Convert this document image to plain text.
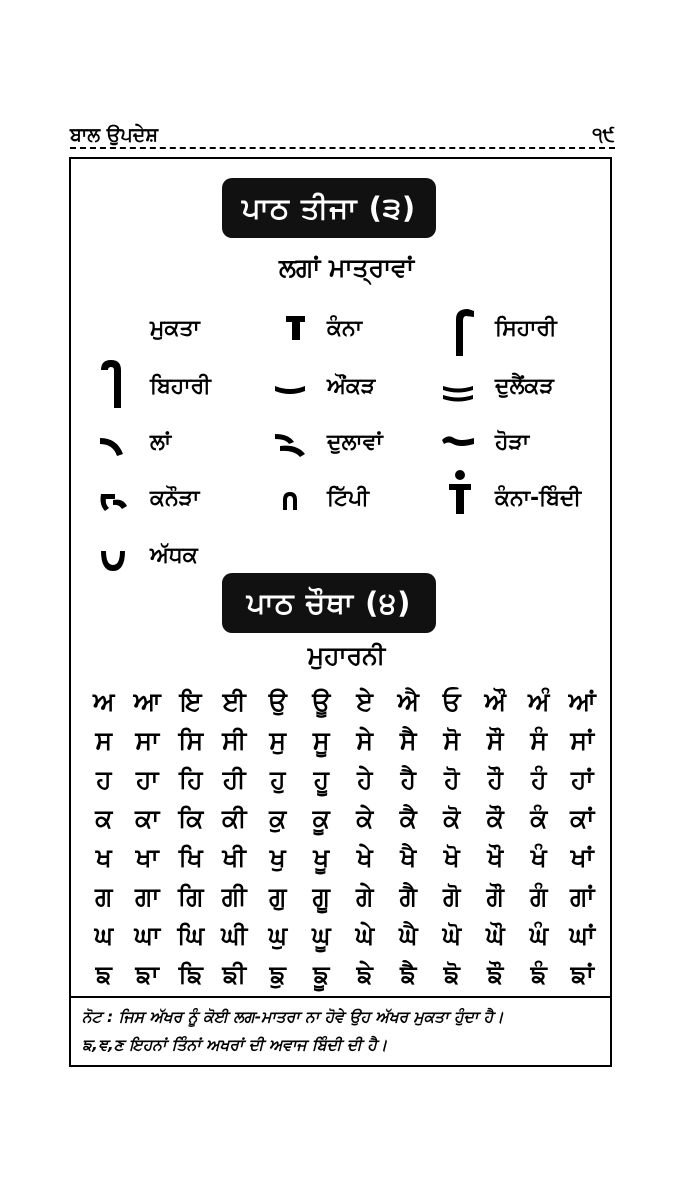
ਬਾਲ ਉਪਦੇਸ਼	੧੯
ਪਾਠ ਤੀਜਾ (੩)
ਲਗਾਂ ਮਾਤ੍ਰਾਵਾਂ
ਮੁਕਤਾ	ਕੰਨਾ	ਸਿਹਾਰੀ
ਬਿਹਾਰੀ	ਔਂਕੜ	ਦੁਲੈਂਕੜ
ਲਾਂ	ਦੁਲਾਵਾਂ	ਹੋੜਾ
ਕਨੌੜਾ	ਟਿੱਪੀ	ਕੰਨਾ-ਬਿੰਦੀ
ਅੱਧਕ
ਪਾਠ ਚੌਥਾ (੪)
ਮੁਹਾਰਨੀ
ਅ ਆ ਇ ਈ ਉ	ਊ	ਏ ਐ ਓ ਔ ਅੰ ਆਂ
ਸ ਸਾ ਸਿ ਸੀ ਸੁ	ਸੂ	ਸੇ	ਸੈ	ਸੋ	ਸੌ	ਸੰ ਸਾਂ
ਹ ਹਾ ਹਿ ਹੀ ਹੁ	ਹੂ	ਹੇ	ਹੈ	ਹੋ	ਹੌ	ਹੰ ਹਾਂ
ਕ ਕਾ ਕਿ ਕੀ ਕੁ	ਕੂ	ਕੇ	ਕੈ	ਕੋ	ਕੌ	ਕੰ ਕਾਂ
ਖ ਖਾ ਖਿ ਖੀ ਖੁ	ਖੂ	ਖੇ	ਖੈ	ਖੋ	ਖੌ	ਖੰ ਖਾਂ
ਗ ਗਾ ਗਿ ਗੀ ਗੁ	ਗੂ	ਗੇ	ਗੈ	ਗੋ	ਗੌ	ਗੰ ਗਾਂ
ਘ ਘਾ ਘਿ ਘੀ ਘੁ ਘੂ ਘੇ ਘੈ ਘੋ ਘੌ ਘੰ ਘਾਂ
ਙ ਙਾ ਙਿ ਙੀ ਙੁ	ਙੂ	ਙੇ	ਙੈ	ਙੋ	ਙੌ	ਙੰ ਙਾਂ
ਨੋਟ : ਜਿਸ ਅੱਖਰ ਨੂੰ ਕੋਈ ਲਗ-ਮਾਤਰਾ ਨਾ ਹੋਵੇ ਉਹ ਅੱਖਰ ਮੁਕਤਾ ਹੁੰਦਾ ਹੈ।
ਙ,ਞ,ਣ ਇਹਨਾਂ ਤਿੰਨਾਂ ਅਖਰਾਂ ਦੀ ਅਵਾਜ ਬਿੰਦੀ ਦੀ ਹੈ।
